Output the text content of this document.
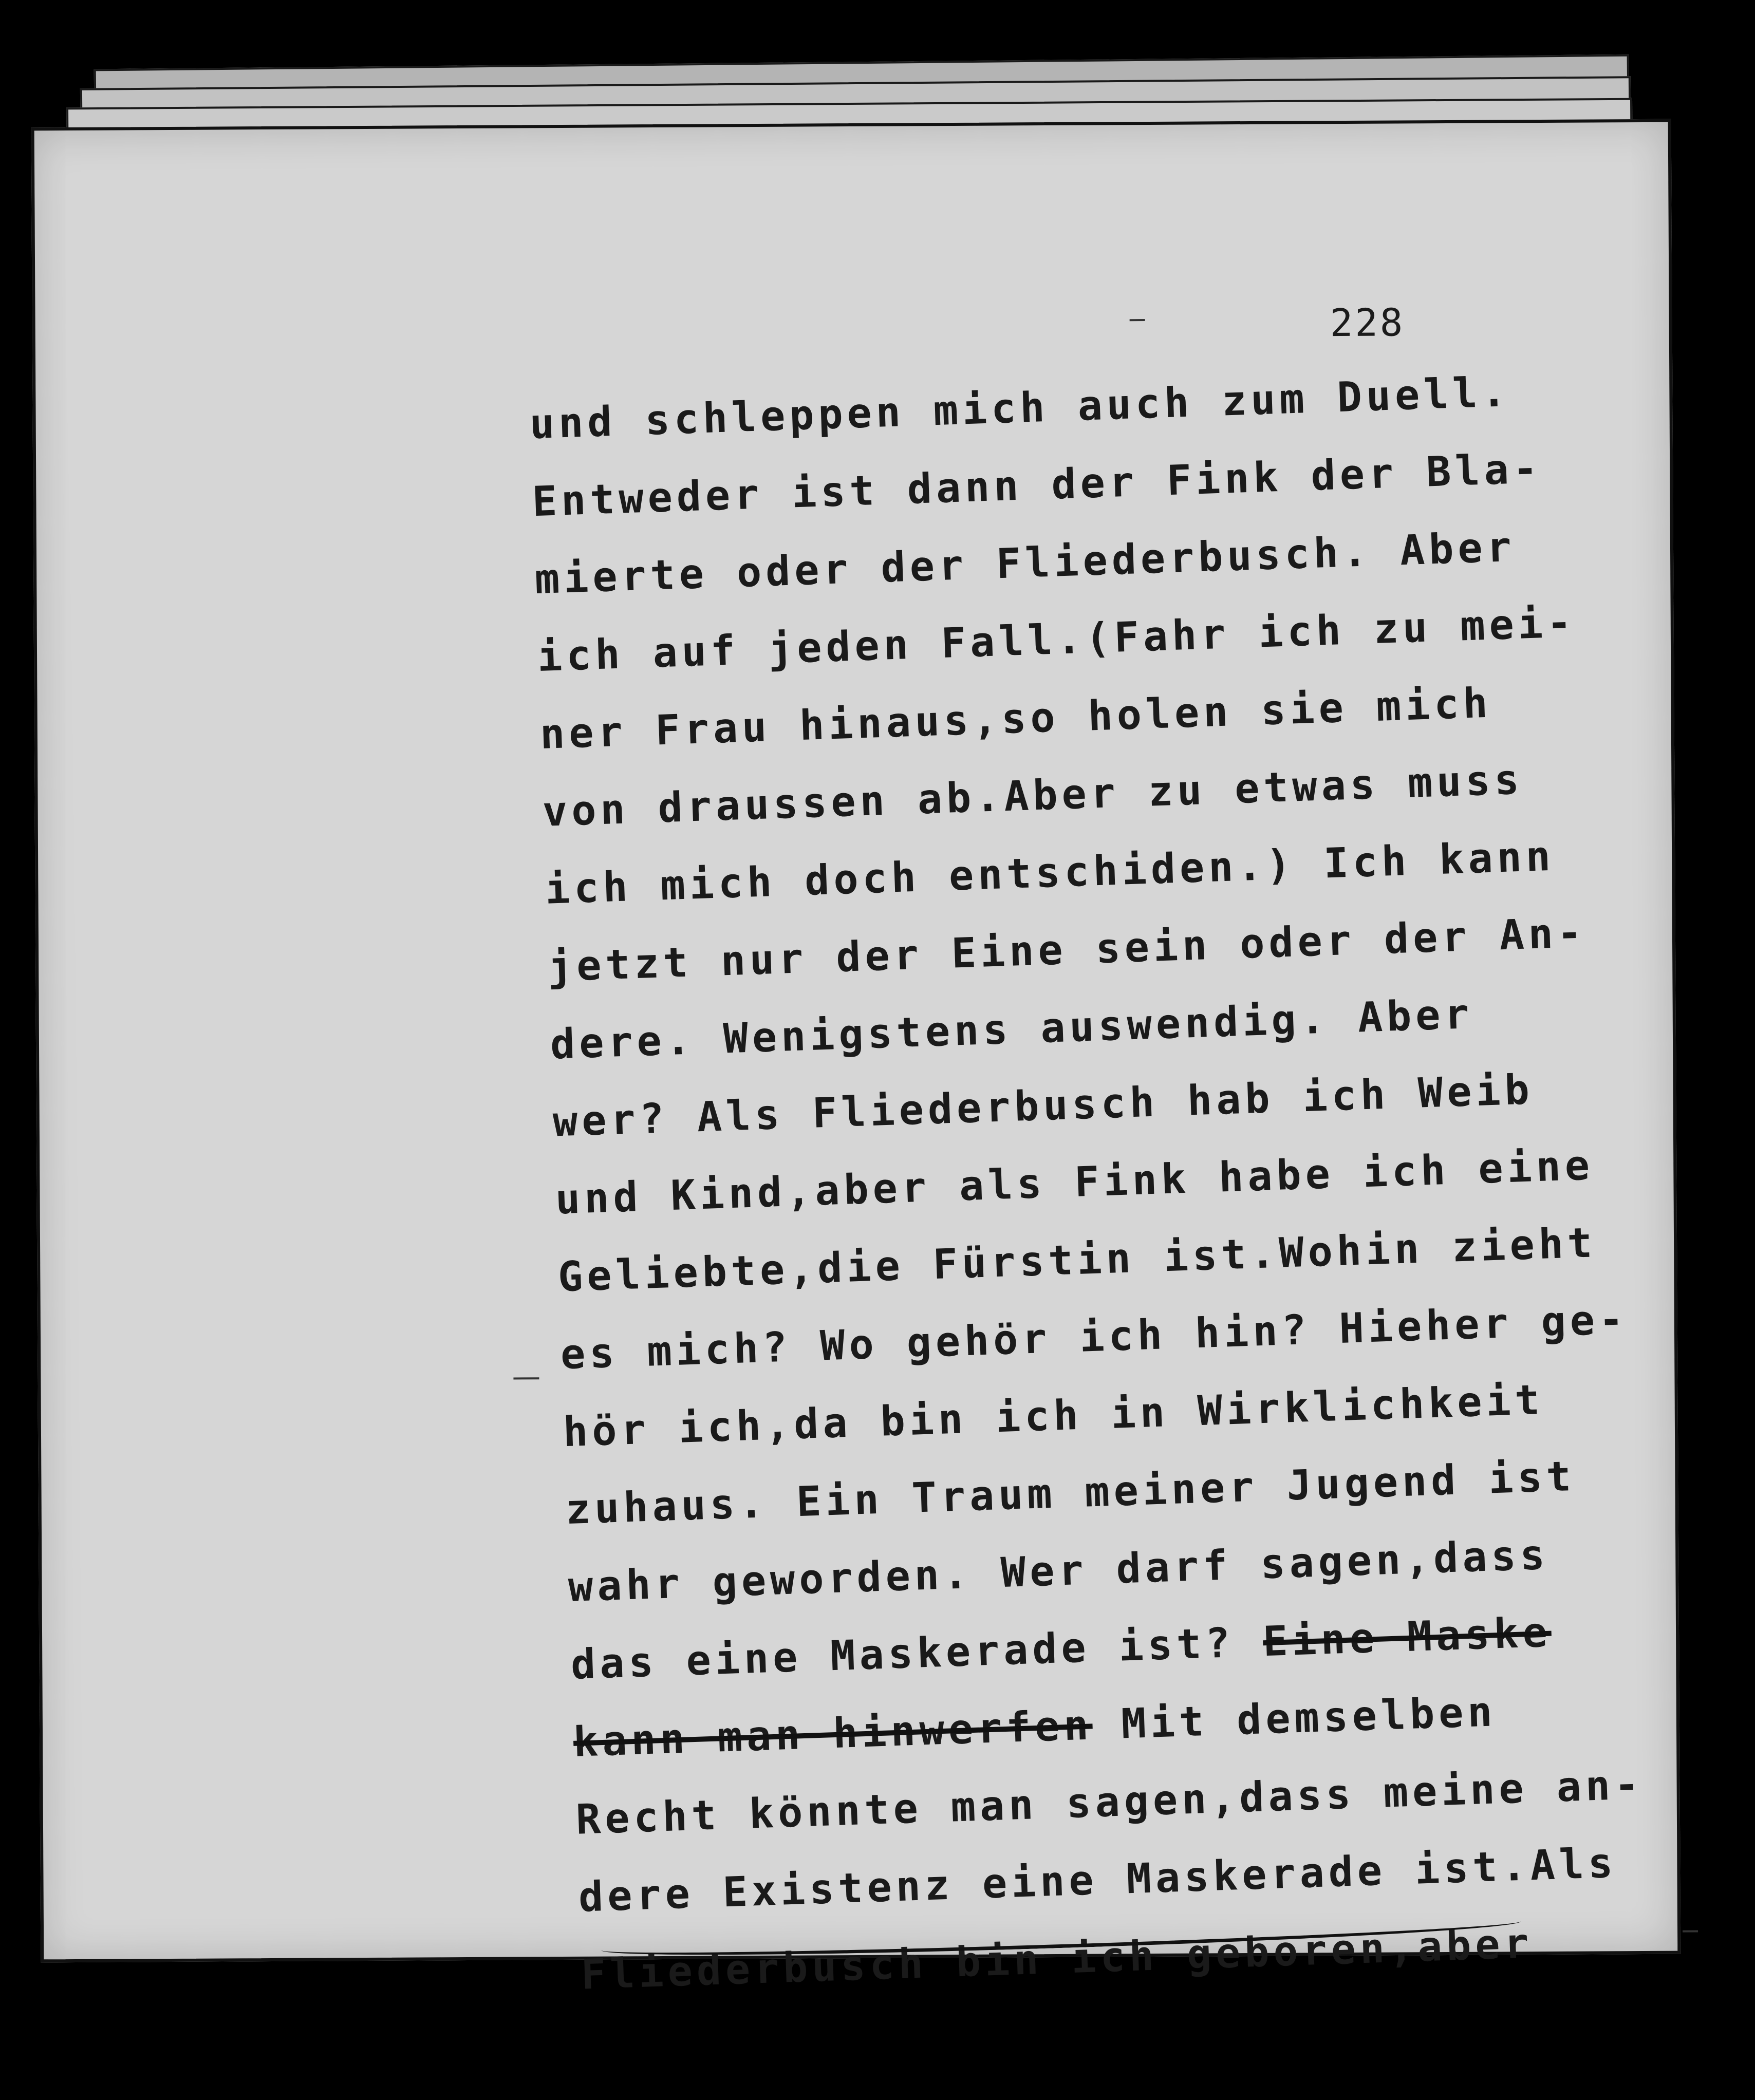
228
und schleppen mich auch zum Duell.
Entweder ist dann der Fink der Bla-
mierte oder der Fliederbusch. Aber
ich auf jeden Fall.(Fahr ich zu mei-
ner Frau hinaus,so holen sie mich
von draussen ab.Aber zu etwas muss
ich mich doch entschiden.) Ich kann
jetzt nur der Eine sein oder der An-
dere. Wenigstens auswendig. Aber
wer? Als Fliederbusch hab ich Weib
und Kind,aber als Fink habe ich eine
Geliebte,die Fürstin ist.Wohin zieht
es mich? Wo gehör ich hin? Hieher ge-
hör ich,da bin ich in Wirklichkeit
zuhaus. Ein Traum meiner Jugend ist
wahr geworden. Wer darf sagen,dass
das eine Maskerade ist? Eine Maske
kann man hinwerfen Mit demselben
Recht könnte man sagen,dass meine an-
dere Existenz eine Maskerade ist.Als
Fliederbusch bin ich geboren,aber
